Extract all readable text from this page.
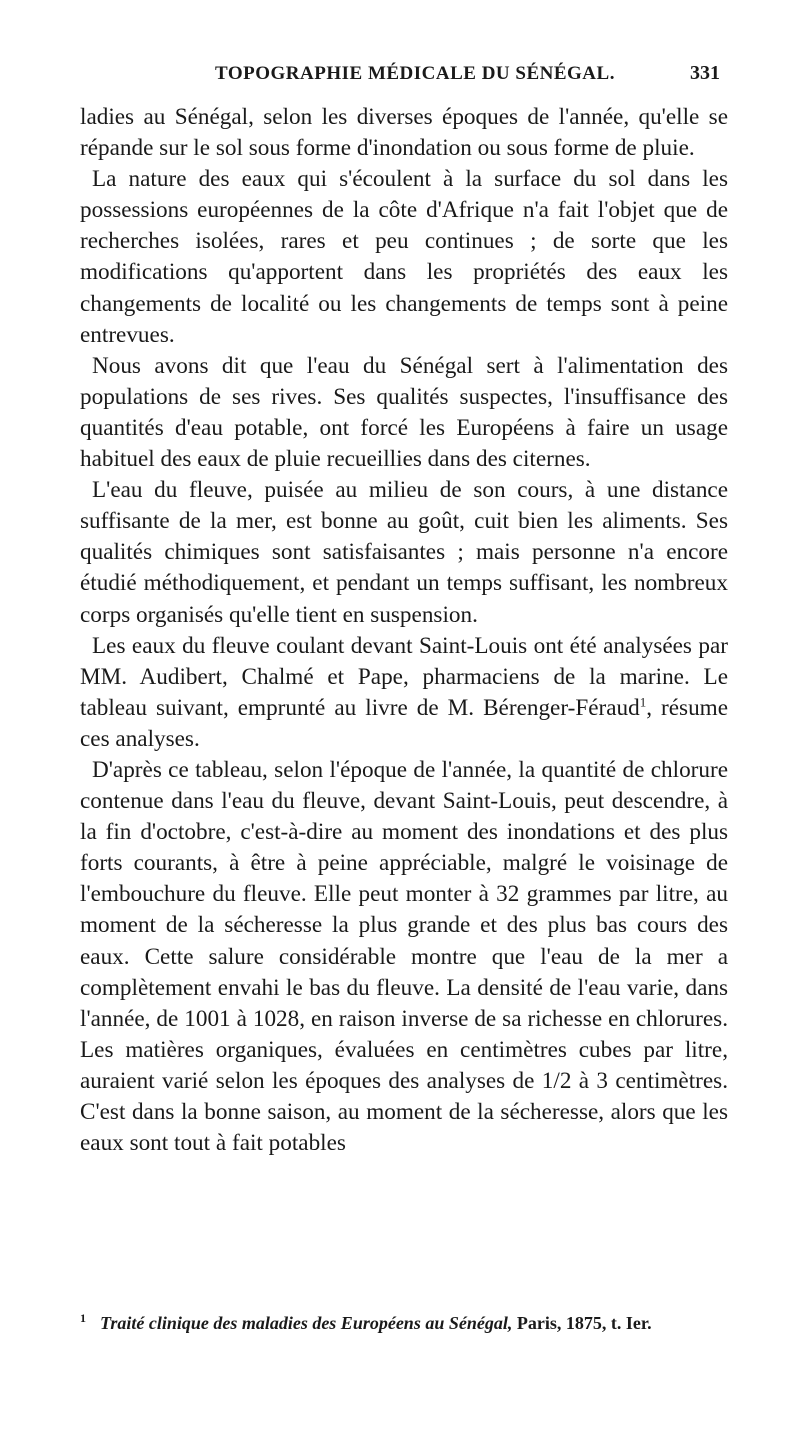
TOPOGRAPHIE MÉDICALE DU SÉNÉGAL.	331

ladies au Sénégal, selon les diverses époques de l'année, qu'elle se répande sur le sol sous forme d'inondation ou sous forme de pluie.

La nature des eaux qui s'écoulent à la surface du sol dans les possessions européennes de la côte d'Afrique n'a fait l'objet que de recherches isolées, rares et peu continues ; de sorte que les modifications qu'apportent dans les propriétés des eaux les changements de localité ou les changements de temps sont à peine entrevues.

Nous avons dit que l'eau du Sénégal sert à l'alimentation des populations de ses rives. Ses qualités suspectes, l'insuffisance des quantités d'eau potable, ont forcé les Européens à faire un usage habituel des eaux de pluie recueillies dans des citernes.

L'eau du fleuve, puisée au milieu de son cours, à une distance suffisante de la mer, est bonne au goût, cuit bien les aliments. Ses qualités chimiques sont satisfaisantes ; mais personne n'a encore étudié méthodiquement, et pendant un temps suffisant, les nombreux corps organisés qu'elle tient en suspension.

Les eaux du fleuve coulant devant Saint-Louis ont été analysées par MM. Audibert, Chalmé et Pape, pharmaciens de la marine. Le tableau suivant, emprunté au livre de M. Bérenger-Féraud$^1$, résume ces analyses.

D'après ce tableau, selon l'époque de l'année, la quantité de chlorure contenue dans l'eau du fleuve, devant Saint-Louis, peut descendre, à la fin d'octobre, c'est-à-dire au moment des inondations et des plus forts courants, à être à peine appréciable, malgré le voisinage de l'embouchure du fleuve. Elle peut monter à 32 grammes par litre, au moment de la sécheresse la plus grande et des plus bas cours des eaux. Cette salure considérable montre que l'eau de la mer a complètement envahi le bas du fleuve. La densité de l'eau varie, dans l'année, de 1001 à 1028, en raison inverse de sa richesse en chlorures. Les matières organiques, évaluées en centimètres cubes par litre, auraient varié selon les époques des analyses de 1/2 à 3 centimètres. C'est dans la bonne saison, au moment de la sécheresse, alors que les eaux sont tout à fait potables

$^1$ Traité clinique des maladies des Européens au Sénégal, Paris, 1875, t. Ier.
